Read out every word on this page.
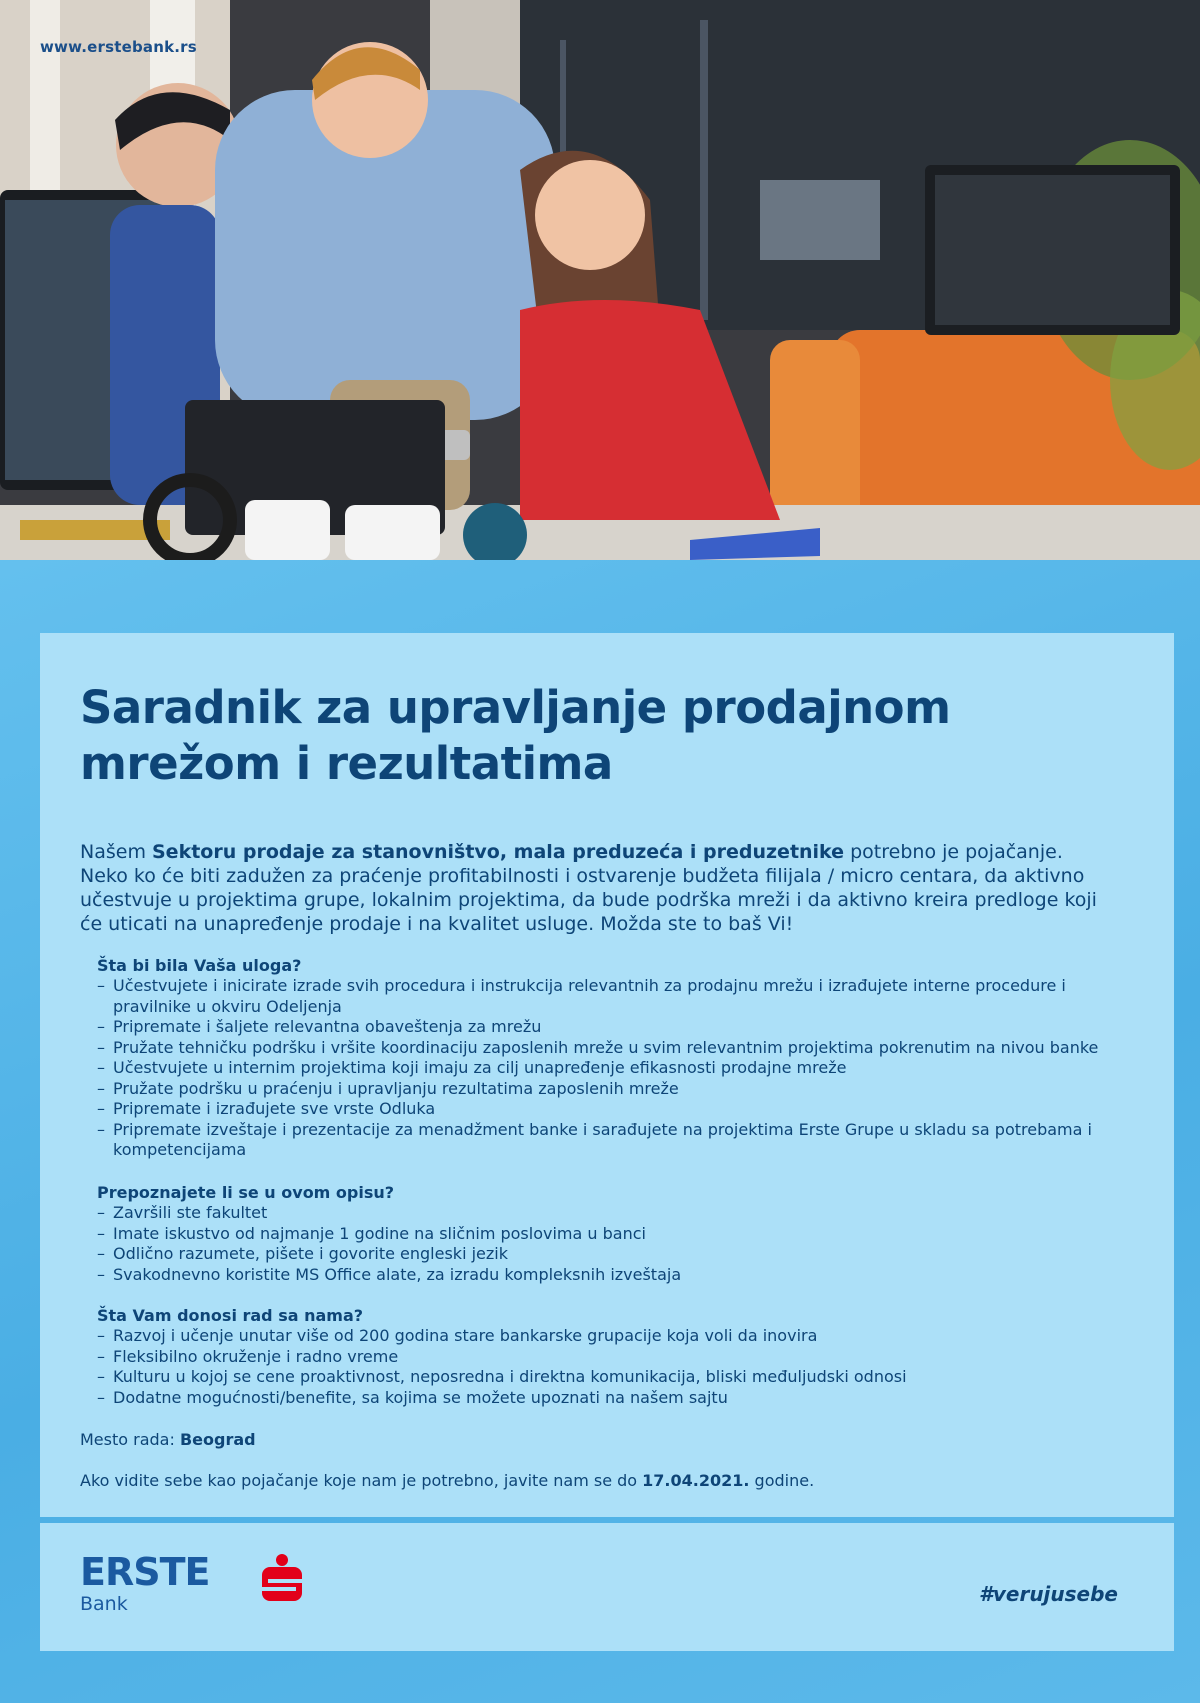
www.erstebank.rs
Saradnik za upravljanje prodajnom
mrežom i rezultatima

Našem Sektoru prodaje za stanovništvo, mala preduzeća i preduzetnike potrebno je pojačanje. Neko ko će biti zadužen za praćenje profitabilnosti i ostvarenje budžeta filijala / micro centara, da aktivno učestvuje u projektima grupe, lokalnim projektima, da bude podrška mreži i da aktivno kreira predloge koji će uticati na unapređenje prodaje i na kvalitet usluge. Možda ste to baš Vi!

Šta bi bila Vaša uloga?
– Učestvujete i inicirate izrade svih procedura i instrukcija relevantnih za prodajnu mrežu i izrađujete interne procedure i pravilnike u okviru Odeljenja
– Pripremate i šaljete relevantna obaveštenja za mrežu
– Pružate tehničku podršku i vršite koordinaciju zaposlenih mreže u svim relevantnim projektima pokrenutim na nivou banke
– Učestvujete u internim projektima koji imaju za cilj unapređenje efikasnosti prodajne mreže
– Pružate podršku u praćenju i upravljanju rezultatima zaposlenih mreže
– Pripremate i izrađujete sve vrste Odluka
– Pripremate izveštaje i prezentacije za menadžment banke i sarađujete na projektima Erste Grupe u skladu sa potrebama i kompetencijama
Prepoznajete li se u ovom opisu?
– Završili ste fakultet
– Imate iskustvo od najmanje 1 godine na sličnim poslovima u banci
– Odlično razumete, pišete i govorite engleski jezik
– Svakodnevno koristite MS Office alate, za izradu kompleksnih izveštaja
Šta Vam donosi rad sa nama?
– Razvoj i učenje unutar više od 200 godina stare bankarske grupacije koja voli da inovira
– Fleksibilno okruženje i radno vreme
– Kulturu u kojoj se cene proaktivnost, neposredna i direktna komunikacija, bliski međuljudski odnosi
– Dodatne mogućnosti/benefite, sa kojima se možete upoznati na našem sajtu
Mesto rada: Beograd
Ako vidite sebe kao pojačanje koje nam je potrebno, javite nam se do 17.04.2021. godine.
ERSTE
Bank	#verujusebe
